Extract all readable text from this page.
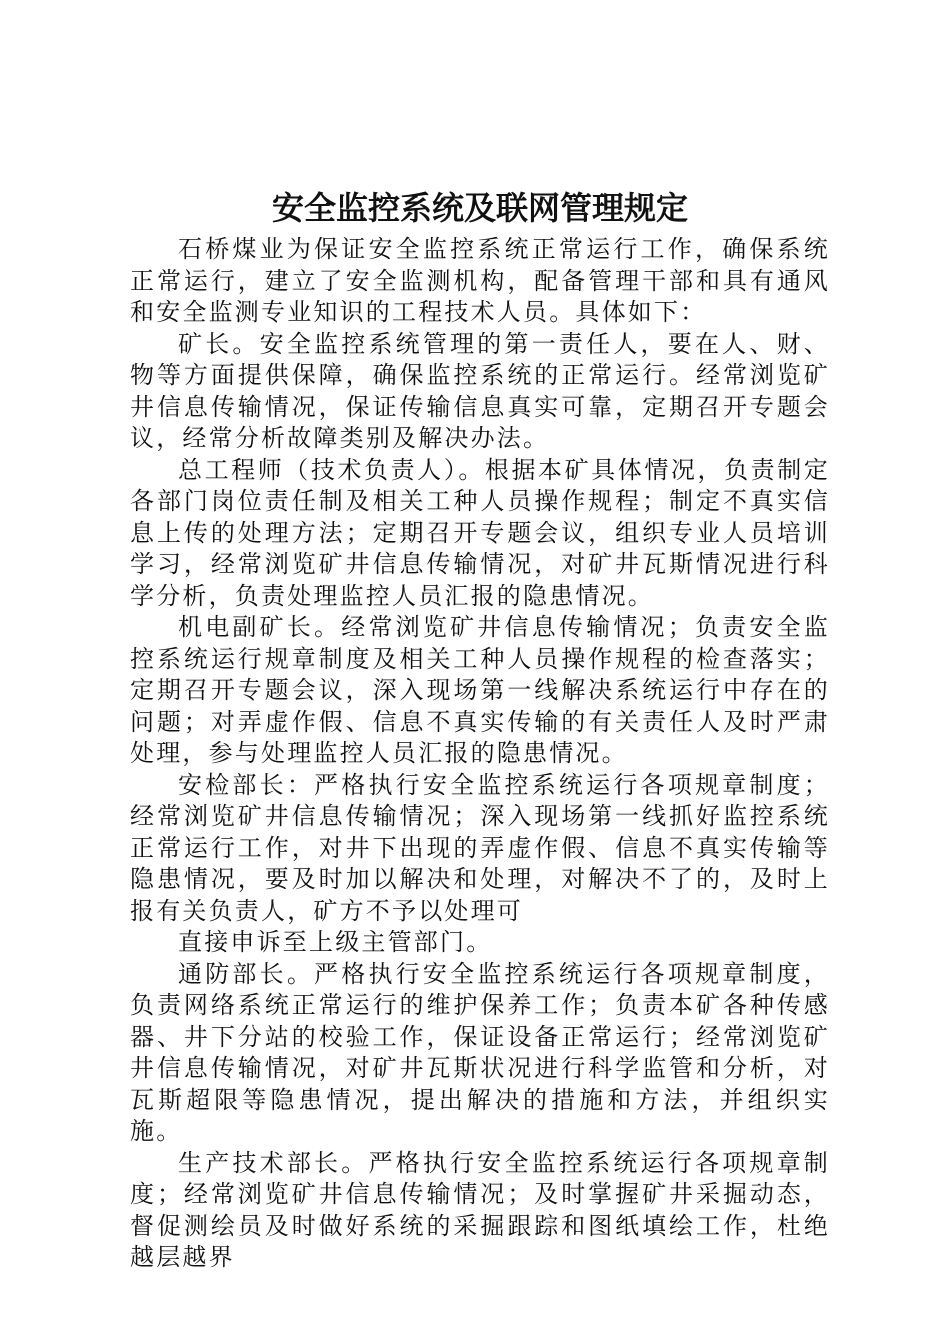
安全监控系统及联网管理规定

石桥煤业为保证安全监控系统正常运行工作，确保系统正常运行，建立了安全监测机构，配备管理干部和具有通风和安全监测专业知识的工程技术人员。具体如下：

矿长。安全监控系统管理的第一责任人，要在人、财、物等方面提供保障，确保监控系统的正常运行。经常浏览矿井信息传输情况，保证传输信息真实可靠，定期召开专题会议，经常分析故障类别及解决办法。

总工程师（技术负责人）。根据本矿具体情况，负责制定各部门岗位责任制及相关工种人员操作规程；制定不真实信息上传的处理方法；定期召开专题会议，组织专业人员培训学习，经常浏览矿井信息传输情况，对矿井瓦斯情况进行科学分析，负责处理监控人员汇报的隐患情况。

机电副矿长。经常浏览矿井信息传输情况；负责安全监控系统运行规章制度及相关工种人员操作规程的检查落实；定期召开专题会议，深入现场第一线解决系统运行中存在的问题；对弄虚作假、信息不真实传输的有关责任人及时严肃处理，参与处理监控人员汇报的隐患情况。

安检部长：严格执行安全监控系统运行各项规章制度；经常浏览矿井信息传输情况；深入现场第一线抓好监控系统正常运行工作，对井下出现的弄虚作假、信息不真实传输等隐患情况，要及时加以解决和处理，对解决不了的，及时上报有关负责人，矿方不予以处理可

直接申诉至上级主管部门。

通防部长。严格执行安全监控系统运行各项规章制度，负责网络系统正常运行的维护保养工作；负责本矿各种传感器、井下分站的校验工作，保证设备正常运行；经常浏览矿井信息传输情况，对矿井瓦斯状况进行科学监管和分析，对瓦斯超限等隐患情况，提出解决的措施和方法，并组织实施。

生产技术部长。严格执行安全监控系统运行各项规章制度；经常浏览矿井信息传输情况；及时掌握矿井采掘动态，督促测绘员及时做好系统的采掘跟踪和图纸填绘工作，杜绝越层越界
